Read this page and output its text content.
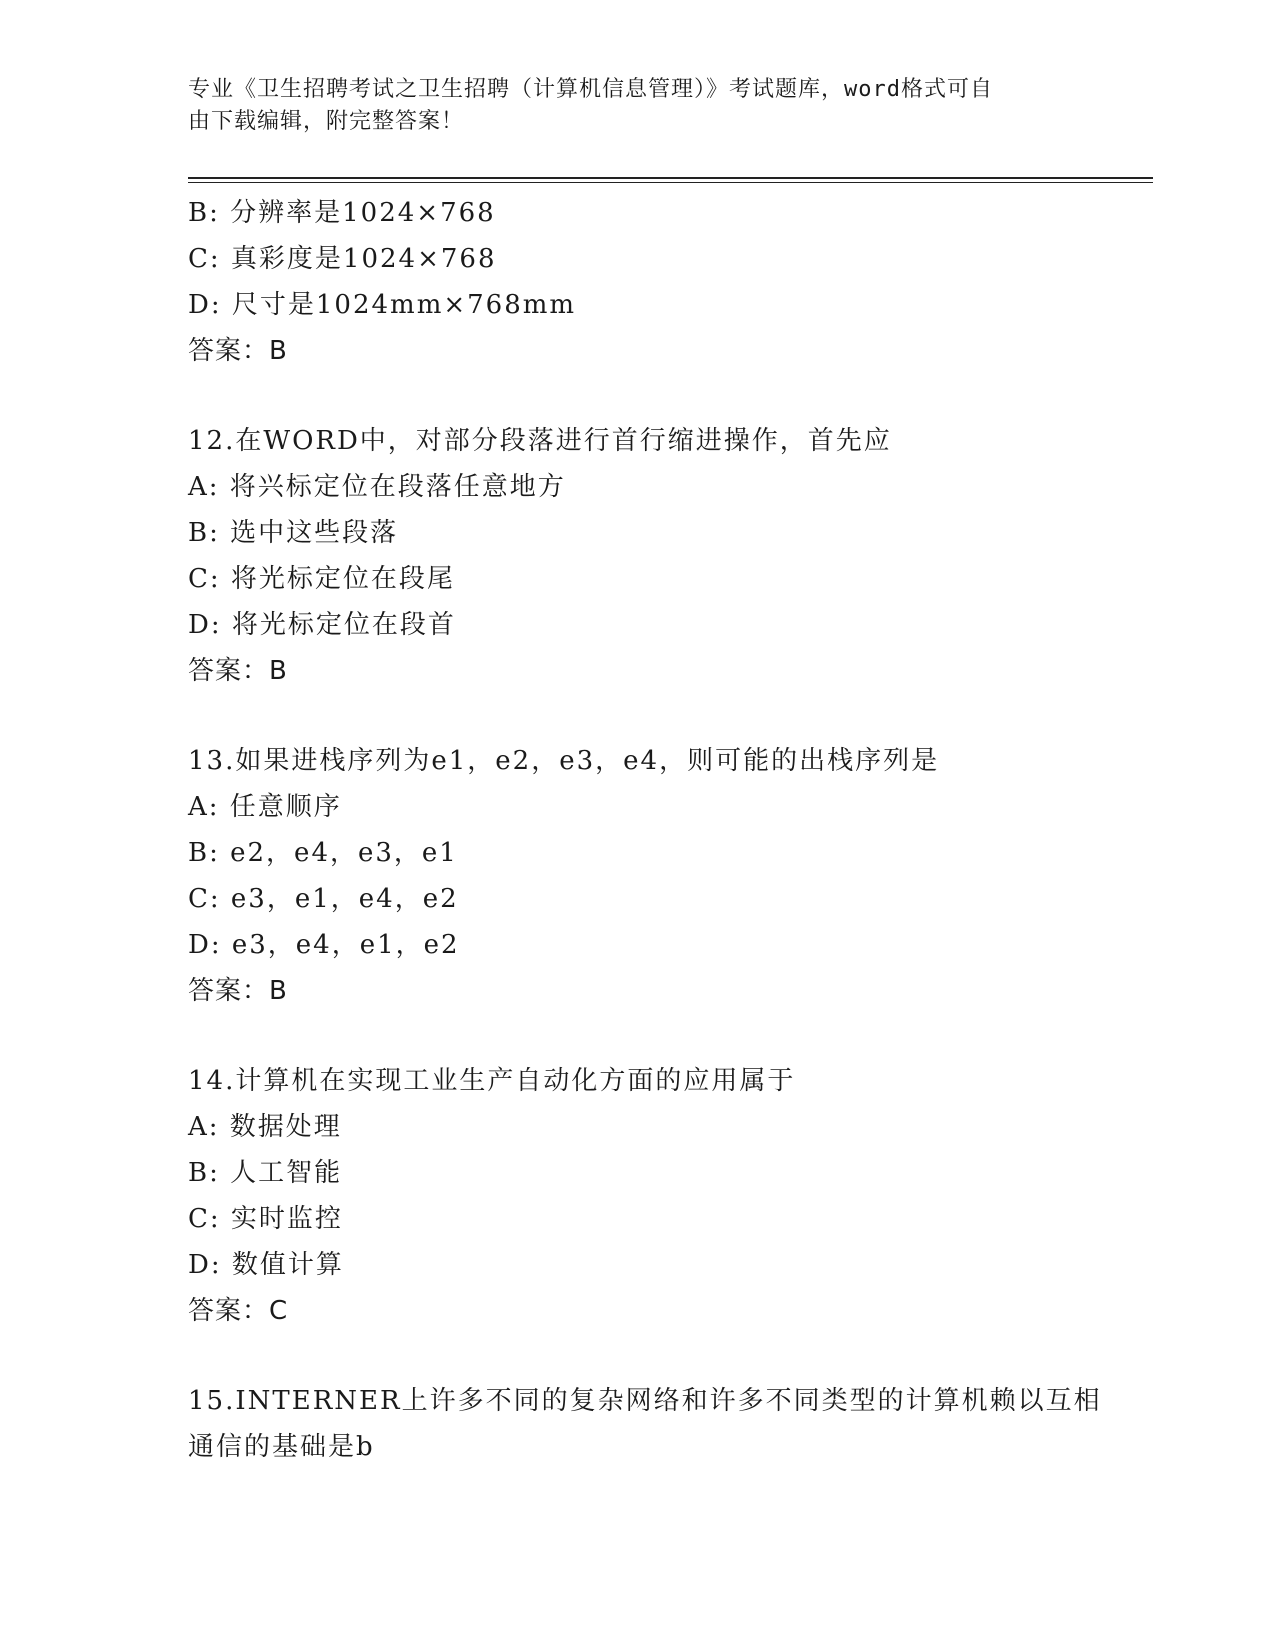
专业《卫生招聘考试之卫生招聘（计算机信息管理）》考试题库，word格式可自
由下载编辑，附完整答案！
B: 分辨率是1024×768
C: 真彩度是1024×768
D: 尺寸是1024mm×768mm
答案：B
12.在WORD中，对部分段落进行首行缩进操作，首先应
A: 将兴标定位在段落任意地方
B: 选中这些段落
C: 将光标定位在段尾
D: 将光标定位在段首
答案：B
13.如果进栈序列为e1，e2，e3，e4，则可能的出栈序列是
A: 任意顺序
B: e2，e4，e3，e1
C: e3，e1，e4，e2
D: e3，e4，e1，e2
答案：B
14.计算机在实现工业生产自动化方面的应用属于
A: 数据处理
B: 人工智能
C: 实时监控
D: 数值计算
答案：C
15.INTERNER上许多不同的复杂网络和许多不同类型的计算机赖以互相
通信的基础是b
